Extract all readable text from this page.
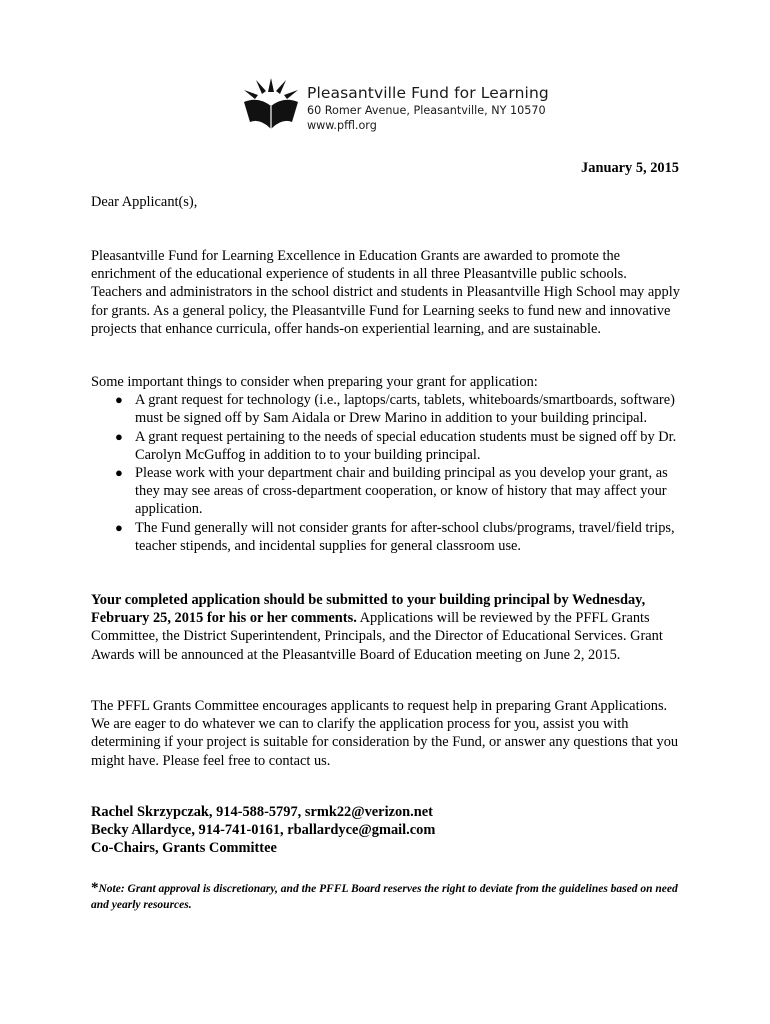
Pleasantville Fund for Learning
60 Romer Avenue, Pleasantville, NY 10570
www.pffl.org
January 5, 2015
Dear Applicant(s),
Pleasantville Fund for Learning Excellence in Education Grants are awarded to promote the enrichment of the educational experience of students in all three Pleasantville public schools. Teachers and administrators in the school district and students in Pleasantville High School may apply for grants. As a general policy, the Pleasantville Fund for Learning seeks to fund new and innovative projects that enhance curricula, offer hands-on experiential learning, and are sustainable.
Some important things to consider when preparing your grant for application:
● A grant request for technology (i.e., laptops/carts, tablets, whiteboards/smartboards, software) must be signed off by Sam Aidala or Drew Marino in addition to your building principal.
● A grant request pertaining to the needs of special education students must be signed off by Dr. Carolyn McGuffog in addition to to your building principal.
● Please work with your department chair and building principal as you develop your grant, as they may see areas of cross-department cooperation, or know of history that may affect your application.
● The Fund generally will not consider grants for after-school clubs/programs, travel/field trips, teacher stipends, and incidental supplies for general classroom use.
Your completed application should be submitted to your building principal by Wednesday, February 25, 2015 for his or her comments. Applications will be reviewed by the PFFL Grants Committee, the District Superintendent, Principals, and the Director of Educational Services. Grant Awards will be announced at the Pleasantville Board of Education meeting on June 2, 2015.
The PFFL Grants Committee encourages applicants to request help in preparing Grant Applications. We are eager to do whatever we can to clarify the application process for you, assist you with determining if your project is suitable for consideration by the Fund, or answer any questions that you might have. Please feel free to contact us.
Rachel Skrzypczak, 914-588-5797, srmk22@verizon.net
Becky Allardyce, 914-741-0161, rballardyce@gmail.com
Co-Chairs, Grants Committee
*Note: Grant approval is discretionary, and the PFFL Board reserves the right to deviate from the guidelines based on need and yearly resources.
